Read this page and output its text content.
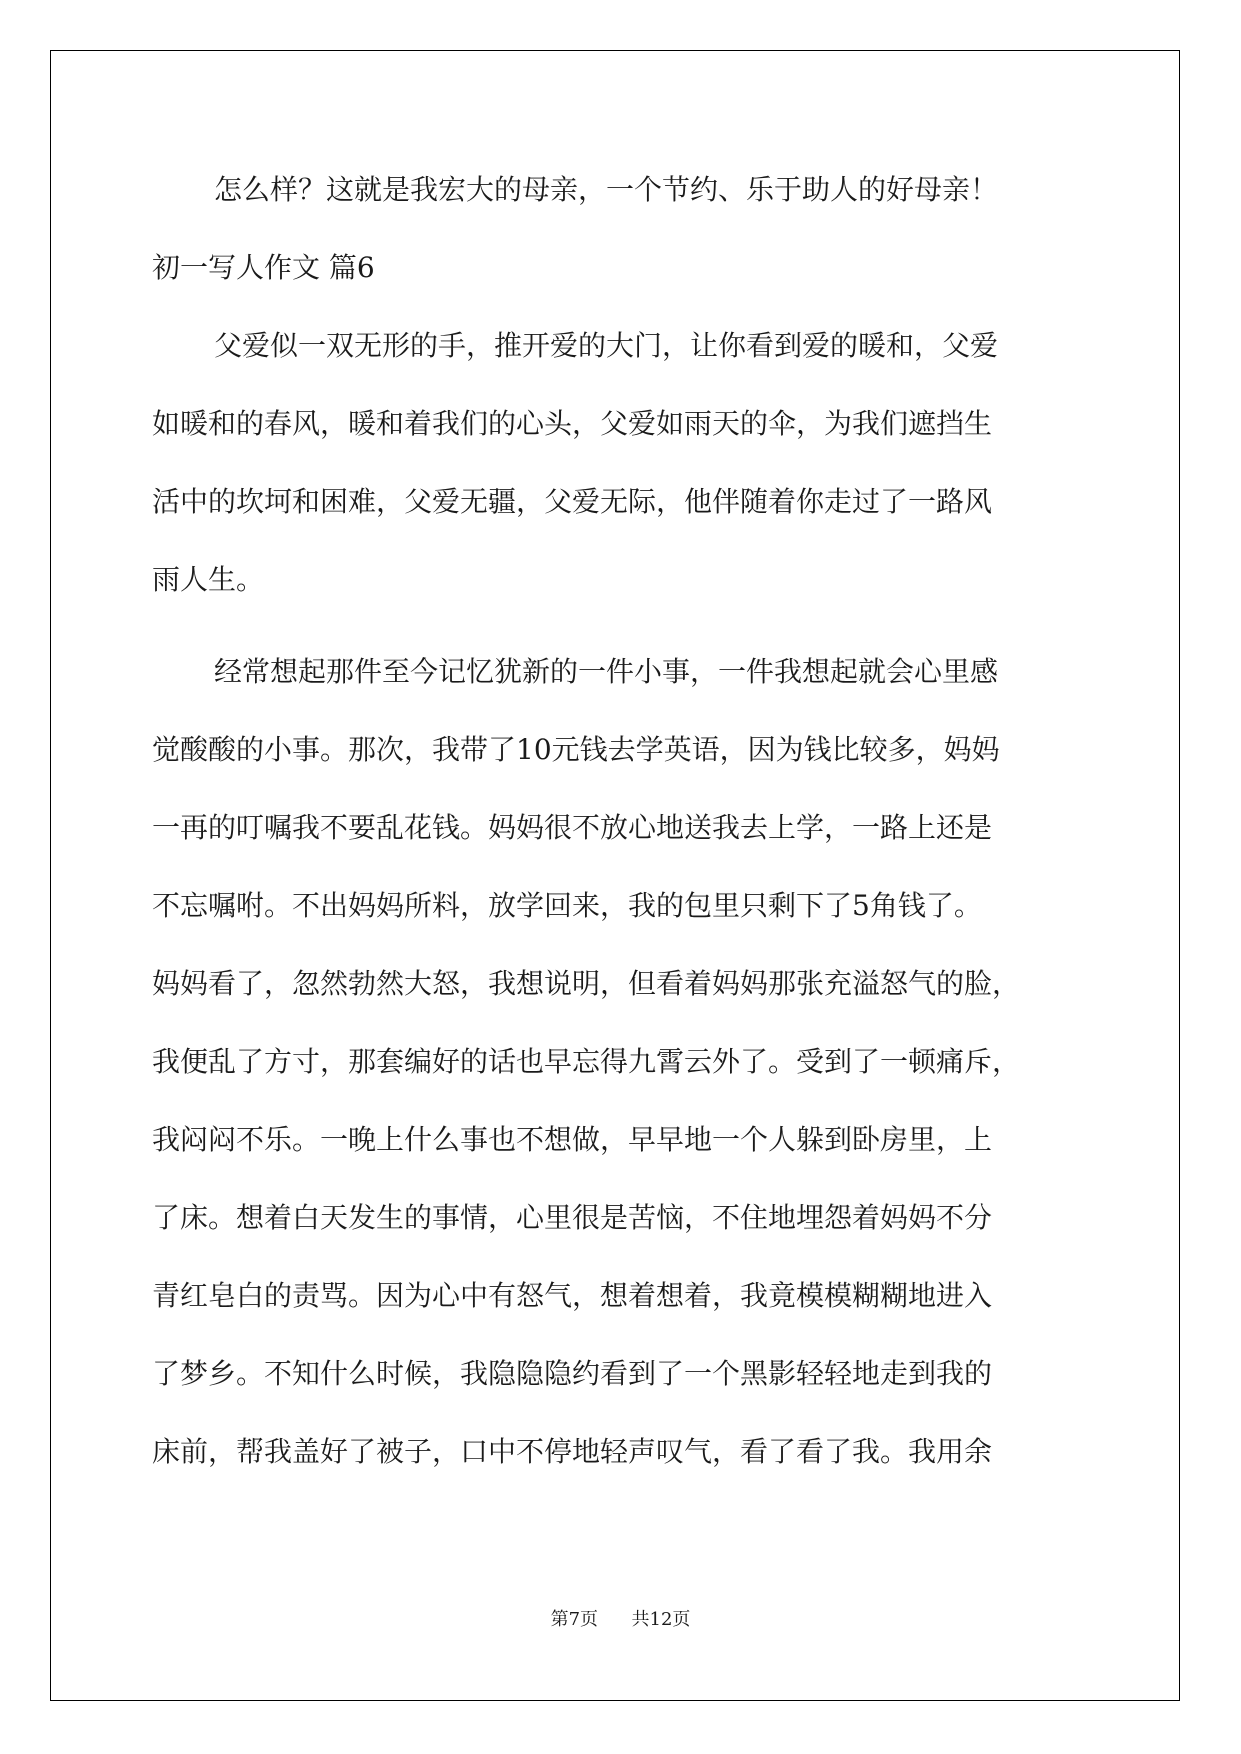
怎么样？这就是我宏大的母亲，一个节约、乐于助人的好母亲！

初一写人作文 篇6

父爱似一双无形的手，推开爱的大门，让你看到爱的暖和，父爱

如暖和的春风，暖和着我们的心头，父爱如雨天的伞，为我们遮挡生

活中的坎坷和困难，父爱无疆，父爱无际，他伴随着你走过了一路风

雨人生。

经常想起那件至今记忆犹新的一件小事，一件我想起就会心里感

觉酸酸的小事。那次，我带了10元钱去学英语，因为钱比较多，妈妈

一再的叮嘱我不要乱花钱。妈妈很不放心地送我去上学，一路上还是

不忘嘱咐。不出妈妈所料，放学回来，我的包里只剩下了5角钱了。

妈妈看了，忽然勃然大怒，我想说明，但看着妈妈那张充溢怒气的脸，

我便乱了方寸，那套编好的话也早忘得九霄云外了。受到了一顿痛斥，

我闷闷不乐。一晚上什么事也不想做，早早地一个人躲到卧房里，上

了床。想着白天发生的事情，心里很是苦恼，不住地埋怨着妈妈不分

青红皂白的责骂。因为心中有怒气，想着想着，我竟模模糊糊地进入

了梦乡。不知什么时候，我隐隐隐约看到了一个黑影轻轻地走到我的

床前，帮我盖好了被子，口中不停地轻声叹气，看了看了我。我用余

第7页 共12页
